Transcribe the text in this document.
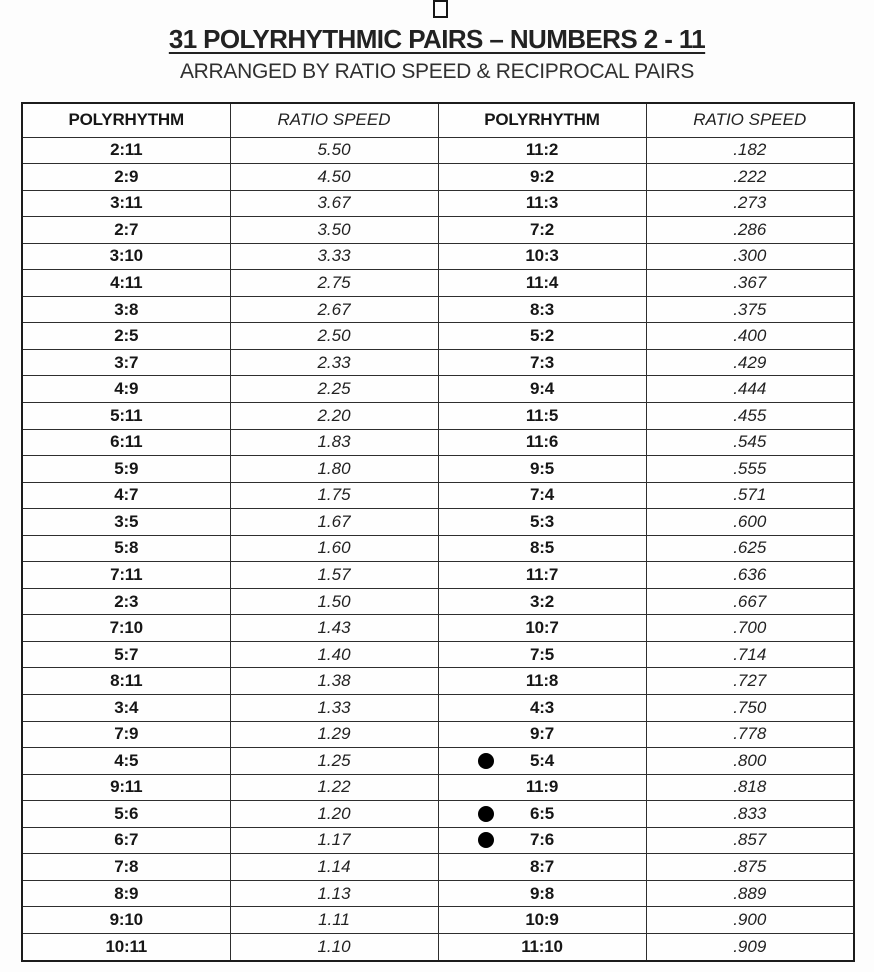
31 POLYRHYTHMIC PAIRS – NUMBERS 2 - 11
ARRANGED BY RATIO SPEED & RECIPROCAL PAIRS
POLYRHYTHM	RATIO SPEED	POLYRHYTHM	RATIO SPEED
2:11	5.50	11:2	.182
2:9	4.50	9:2	.222
3:11	3.67	11:3	.273
2:7	3.50	7:2	.286
3:10	3.33	10:3	.300
4:11	2.75	11:4	.367
3:8	2.67	8:3	.375
2:5	2.50	5:2	.400
3:7	2.33	7:3	.429
4:9	2.25	9:4	.444
5:11	2.20	11:5	.455
6:11	1.83	11:6	.545
5:9	1.80	9:5	.555
4:7	1.75	7:4	.571
3:5	1.67	5:3	.600
5:8	1.60	8:5	.625
7:11	1.57	11:7	.636
2:3	1.50	3:2	.667
7:10	1.43	10:7	.700
5:7	1.40	7:5	.714
8:11	1.38	11:8	.727
3:4	1.33	4:3	.750
7:9	1.29	9:7	.778
4:5	1.25	5:4	.800
9:11	1.22	11:9	.818
5:6	1.20	6:5	.833
6:7	1.17	7:6	.857
7:8	1.14	8:7	.875
8:9	1.13	9:8	.889
9:10	1.11	10:9	.900
10:11	1.10	11:10	.909
